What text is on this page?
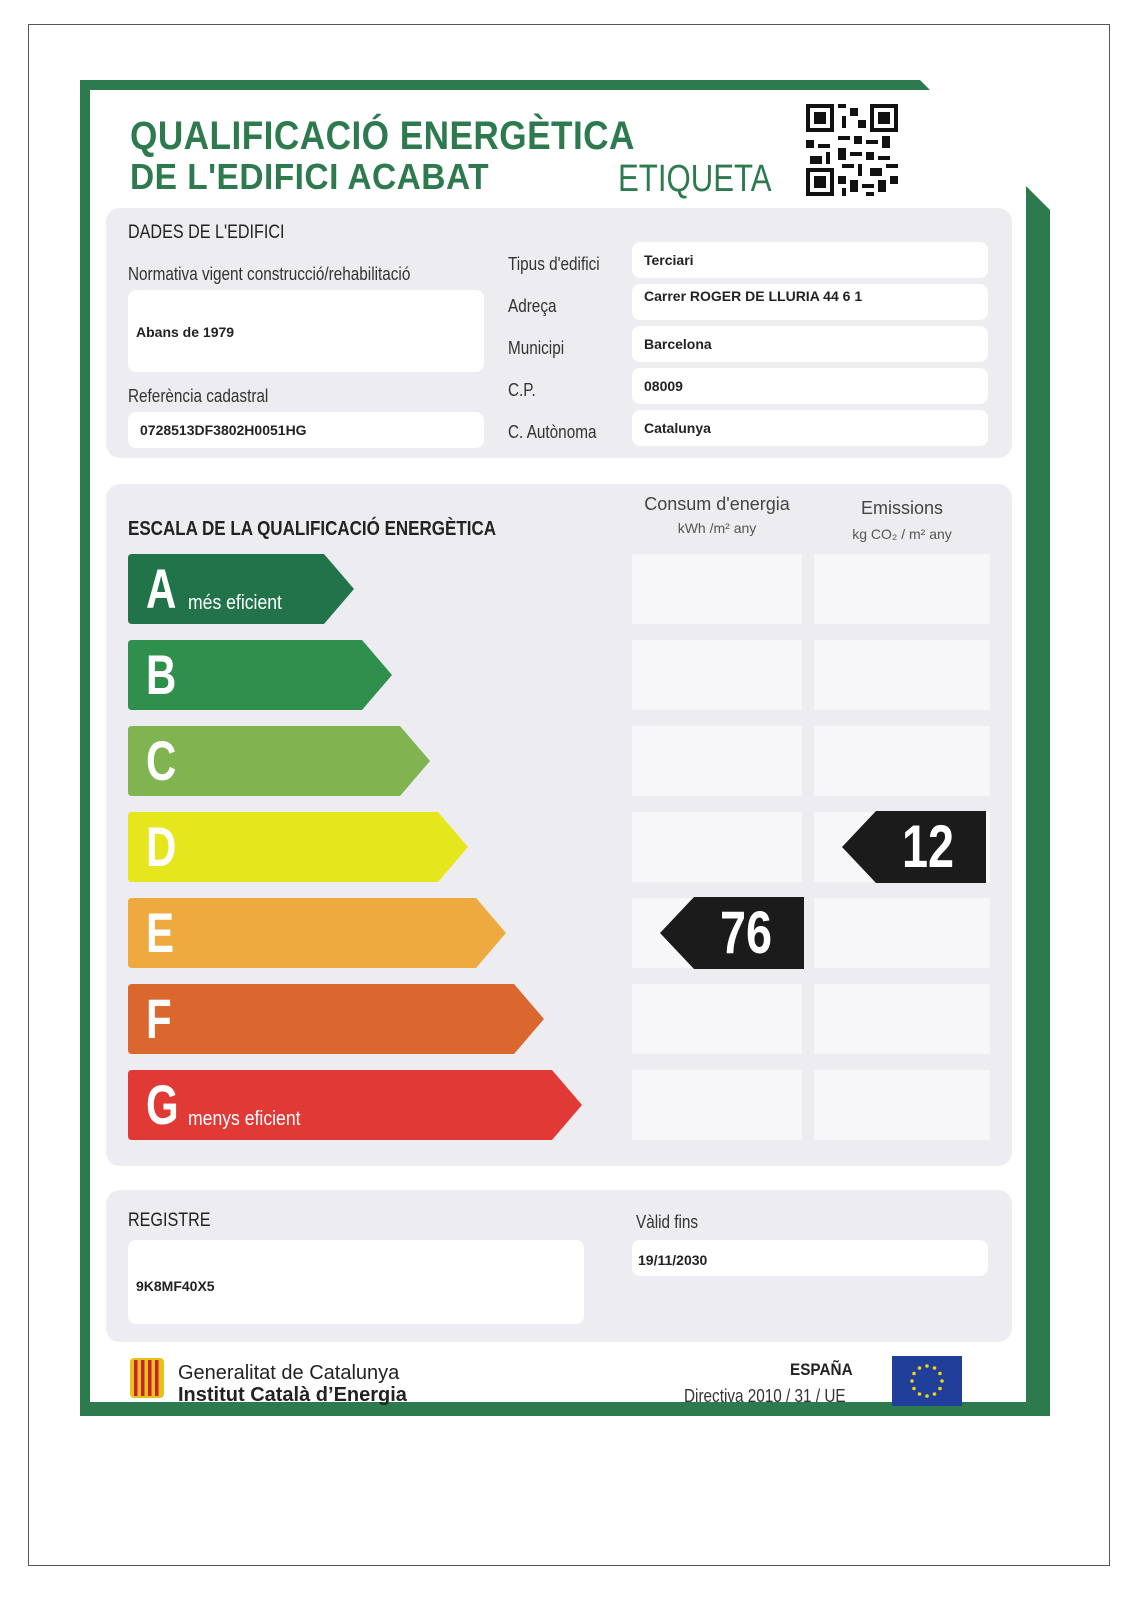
QUALIFICACIÓ ENERGÈTICA
DE L'EDIFICI ACABAT	ETIQUETA
DADES DE L'EDIFICI
Normativa vigent construcció/rehabilitació
Abans de 1979
Referència cadastral
0728513DF3802H0051HG
Tipus d'edifici
Adreça
Municipi
C.P.
C. Autònoma
Terciari
Carrer ROGER DE LLURIA 44 6 1
Barcelona
08009
Catalunya
ESCALA DE LA QUALIFICACIÓ ENERGÈTICA
Consum d'energia
kWh /m² any
Emissions
kg CO₂ / m² any
A més eficient
B
C
D
E
F
G menys eficient
76
12
REGISTRE
9K8MF40X5
Vàlid fins
19/11/2030
Generalitat de Catalunya
Institut Català d’Energia
ESPAÑA
Directiva 2010 / 31 / UE
